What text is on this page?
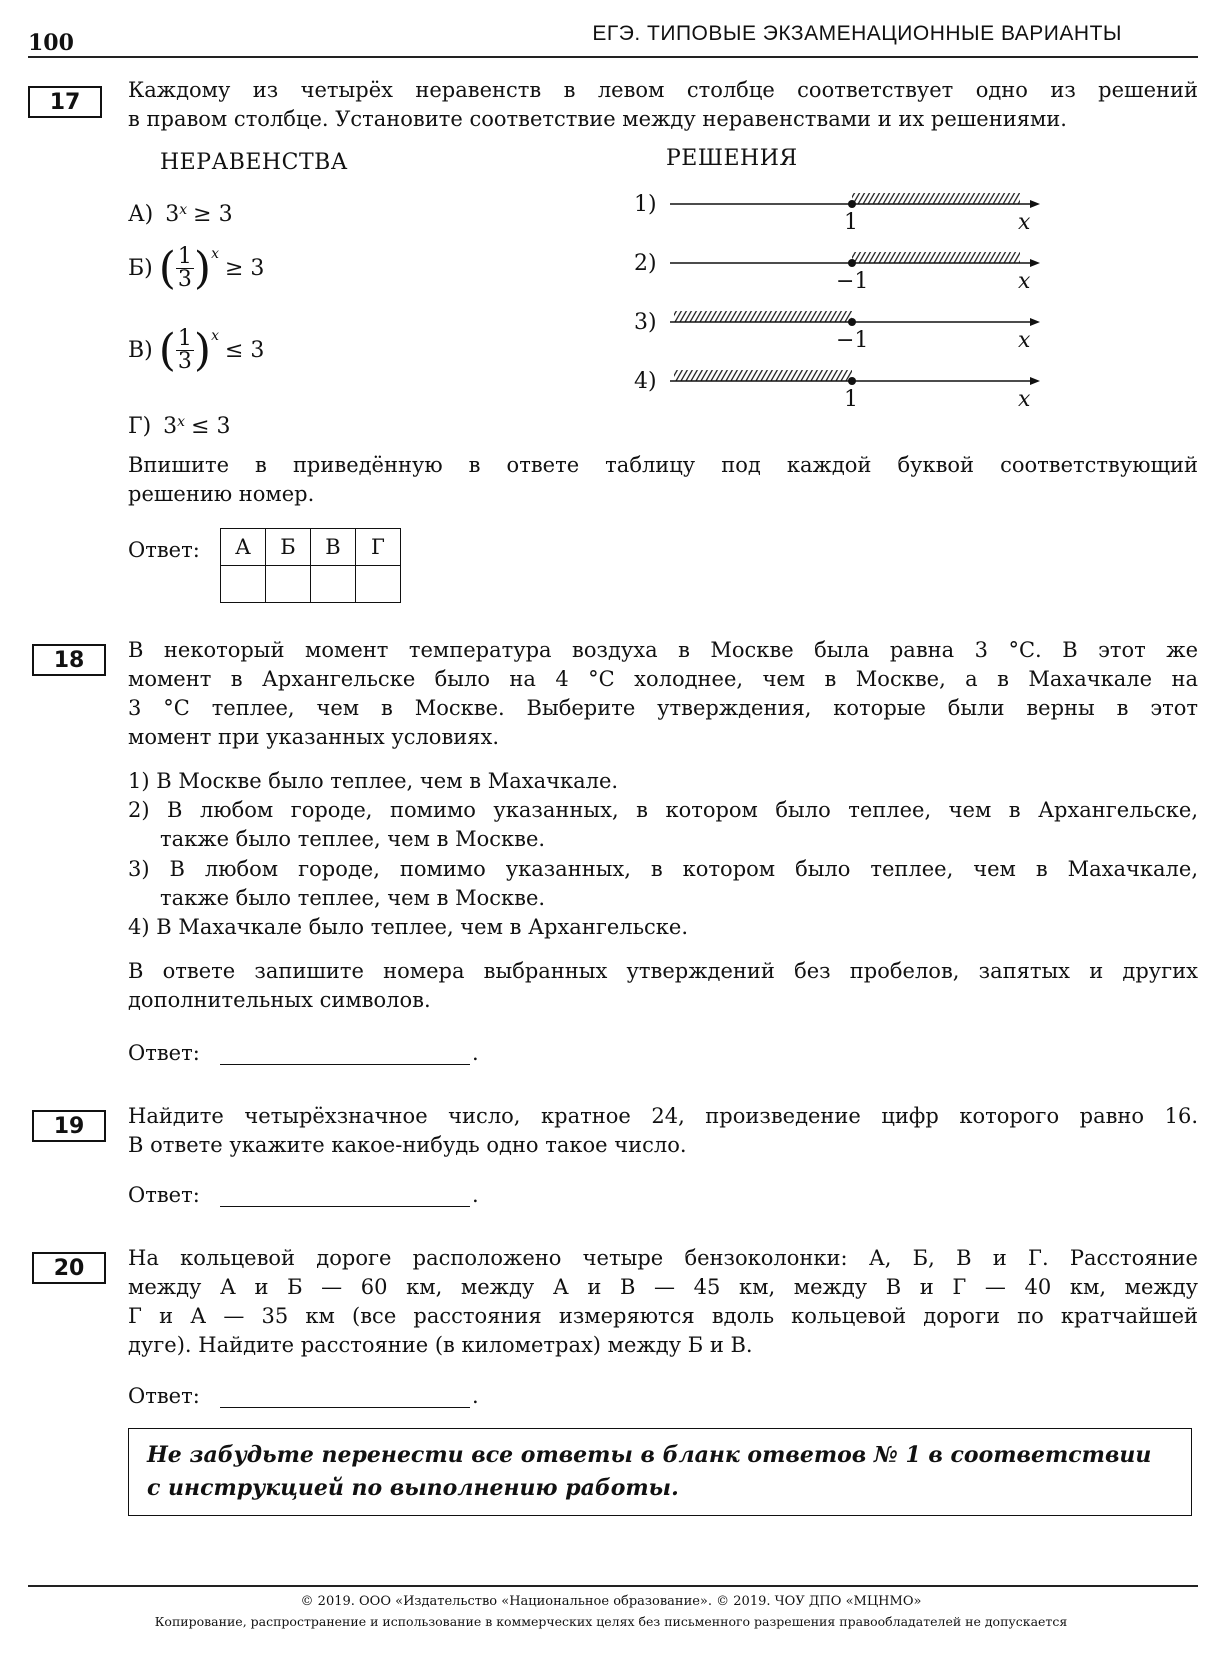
100	ЕГЭ. ТИПОВЫЕ ЭКЗАМЕНАЦИОННЫЕ ВАРИАНТЫ
17	Каждому из четырёх неравенств в левом столбце соответствует одно из решений
в правом столбце. Установите соответствие между неравенствами и их решениями.
НЕРАВЕНСТВА	РЕШЕНИЯ
А) 3 x ≥ 3
Б) ( $\frac{1}{3}$ ) x
≥ 3
В) ( $\frac{1}{3}$ ) x
≤ 3
Г) 3 x ≤ 3
1)
1	x
2)
−1	x
3)
−1	x
4)
1	x
Впишите в приведённую в ответе таблицу под каждой буквой соответствующий
решению номер.
Ответ: А	Б	В	Г

18	В некоторый момент температура воздуха в Москве была равна 3 °С. В этот же
момент в Архангельске было на 4 °С холоднее, чем в Москве, а в Махачкале на
3 °С теплее, чем в Москве. Выберите утверждения, которые были верны в этот
момент при указанных условиях.
1) В Москве было теплее, чем в Махачкале.
2) В любом городе, помимо указанных, в котором было теплее, чем в Архангельске,
также было теплее, чем в Москве.
3) В любом городе, помимо указанных, в котором было теплее, чем в Махачкале,
также было теплее, чем в Москве.
4) В Махачкале было теплее, чем в Архангельске.
В ответе запишите номера выбранных утверждений без пробелов, запятых и других
дополнительных символов.
Ответ:	.
19	Найдите четырёхзначное число, кратное 24, произведение цифр которого равно 16.
В ответе укажите какое-нибудь одно такое число.
Ответ:	.
20	На кольцевой дороге расположено четыре бензоколонки: А, Б, В и Г. Расстояние
между А и Б — 60 км, между А и В — 45 км, между В и Г — 40 км, между
Г и А — 35 км (все расстояния измеряются вдоль кольцевой дороги по кратчайшей
дуге). Найдите расстояние (в километрах) между Б и В.
Ответ:	.
Не забудьте перенести все ответы в бланк ответов № 1 в соответствии
с инструкцией по выполнению работы.
© 2019. ООО «Издательство «Национальное образование». © 2019. ЧОУ ДПО «МЦНМО»
Копирование, распространение и использование в коммерческих целях без письменного разрешения правообладателей не допускается
